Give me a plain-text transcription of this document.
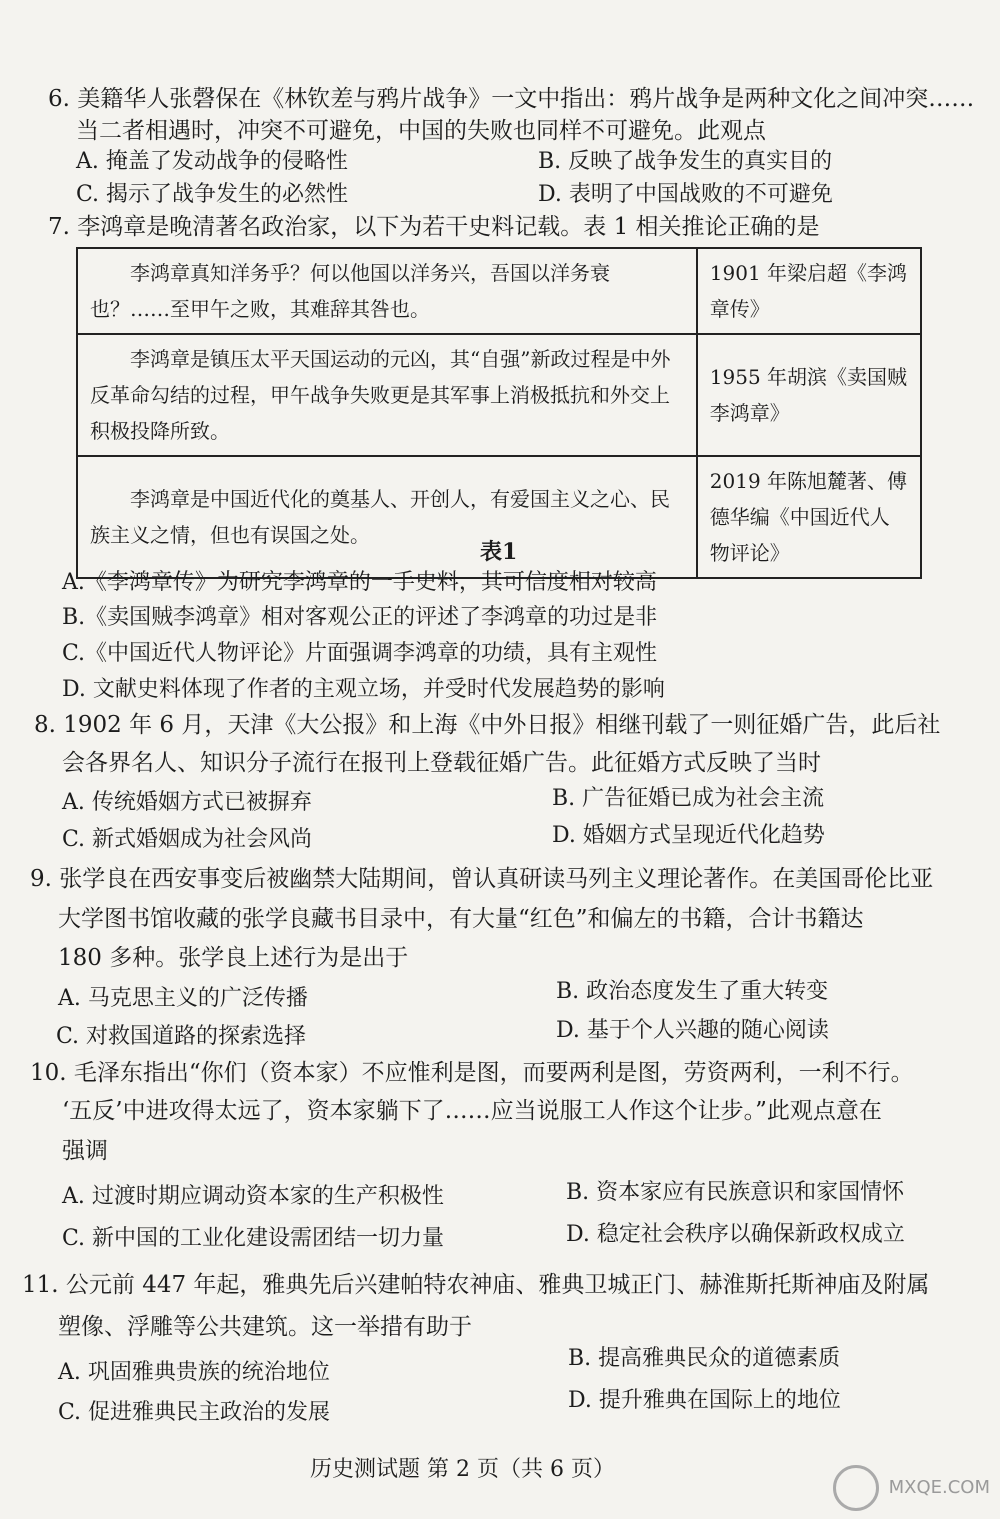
6. 美籍华人张磬保在《林钦差与鸦片战争》一文中指出：鸦片战争是两种文化之间冲突……
当二者相遇时，冲突不可避免，中国的失败也同样不可避免。此观点
A. 掩盖了发动战争的侵略性	B. 反映了战争发生的真实目的
C. 揭示了战争发生的必然性	D. 表明了中国战败的不可避免
7. 李鸿章是晚清著名政治家，以下为若干史料记载。表 1 相关推论正确的是
李鸿章真知洋务乎？何以他国以洋务兴，吾国以洋务衰也？……至甲午之败，其难辞其咎也。	1901 年梁启超《李鸿章传》
李鸿章是镇压太平天国运动的元凶，其“自强”新政过程是中外反革命勾结的过程，甲午战争失败更是其军事上消极抵抗和外交上积极投降所致。	1955 年胡滨《卖国贼李鸿章》
李鸿章是中国近代化的奠基人、开创人，有爱国主义之心、民族主义之情，但也有误国之处。	2019 年陈旭麓著、傅德华编《中国近代人物评论》
表1
A.《李鸿章传》为研究李鸿章的一手史料，其可信度相对较高
B.《卖国贼李鸿章》相对客观公正的评述了李鸿章的功过是非
C.《中国近代人物评论》片面强调李鸿章的功绩，具有主观性
D. 文献史料体现了作者的主观立场，并受时代发展趋势的影响
8. 1902 年 6 月，天津《大公报》和上海《中外日报》相继刊载了一则征婚广告，此后社
会各界名人、知识分子流行在报刊上登载征婚广告。此征婚方式反映了当时
A. 传统婚姻方式已被摒弃	B. 广告征婚已成为社会主流
C. 新式婚姻成为社会风尚	D. 婚姻方式呈现近代化趋势
9. 张学良在西安事变后被幽禁大陆期间，曾认真研读马列主义理论著作。在美国哥伦比亚
大学图书馆收藏的张学良藏书目录中，有大量“红色”和偏左的书籍，合计书籍达
180 多种。张学良上述行为是出于
A. 马克思主义的广泛传播	B. 政治态度发生了重大转变
C. 对救国道路的探索选择	D. 基于个人兴趣的随心阅读
10. 毛泽东指出“你们（资本家）不应惟利是图，而要两利是图，劳资两利，一利不行。
‘五反’中进攻得太远了，资本家躺下了……应当说服工人作这个让步。”此观点意在
强调
A. 过渡时期应调动资本家的生产积极性	B. 资本家应有民族意识和家国情怀
C. 新中国的工业化建设需团结一切力量	D. 稳定社会秩序以确保新政权成立
11. 公元前 447 年起，雅典先后兴建帕特农神庙、雅典卫城正门、赫淮斯托斯神庙及附属
塑像、浮雕等公共建筑。这一举措有助于
A. 巩固雅典贵族的统治地位
B. 提高雅典民众的道德素质
C. 促进雅典民主政治的发展	D. 提升雅典在国际上的地位
历史测试题 第 2 页（共 6 页）
MXQE.COM
